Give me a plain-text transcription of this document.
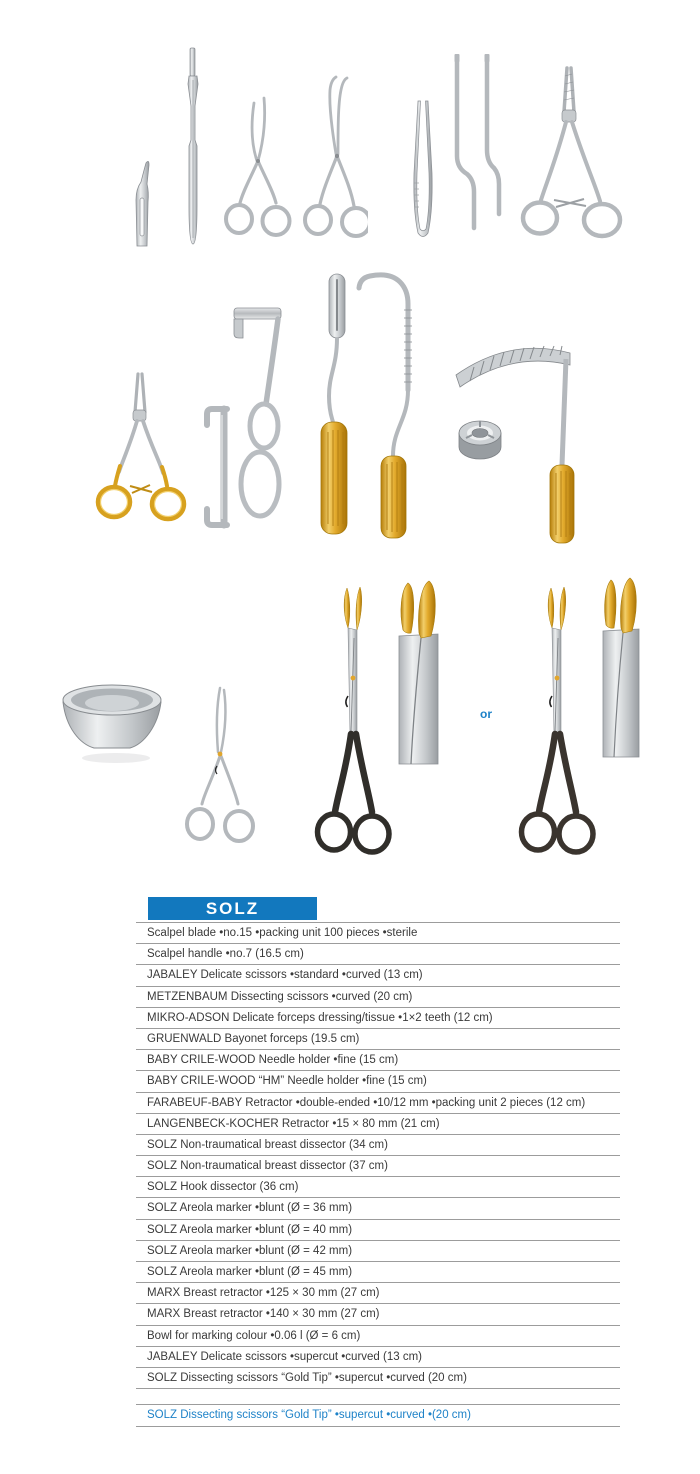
or
SOLZ
Scalpel blade •no.15 •packing unit 100 pieces •sterile
Scalpel handle •no.7 (16.5 cm)
JABALEY Delicate scissors •standard •curved (13 cm)
METZENBAUM Dissecting scissors •curved (20 cm)
MIKRO-ADSON Delicate forceps dressing/tissue •1×2 teeth (12 cm)
GRUENWALD Bayonet forceps (19.5 cm)
BABY CRILE-WOOD Needle holder •fine (15 cm)
BABY CRILE-WOOD “HM” Needle holder •fine (15 cm)
FARABEUF-BABY Retractor •double-ended •10/12 mm •packing unit 2 pieces (12 cm)
LANGENBECK-KOCHER Retractor •15 × 80 mm (21 cm)
SOLZ Non-traumatical breast dissector (34 cm)
SOLZ Non-traumatical breast dissector (37 cm)
SOLZ Hook dissector (36 cm)
SOLZ Areola marker •blunt (Ø = 36 mm)
SOLZ Areola marker •blunt (Ø = 40 mm)
SOLZ Areola marker •blunt (Ø = 42 mm)
SOLZ Areola marker •blunt (Ø = 45 mm)
MARX Breast retractor •125 × 30 mm (27 cm)
MARX Breast retractor •140 × 30 mm (27 cm)
Bowl for marking colour •0.06 l (Ø = 6 cm)
JABALEY Delicate scissors •supercut •curved (13 cm)
SOLZ Dissecting scissors “Gold Tip” •supercut •curved (20 cm)
SOLZ Dissecting scissors “Gold Tip” •supercut •curved •(20 cm)
